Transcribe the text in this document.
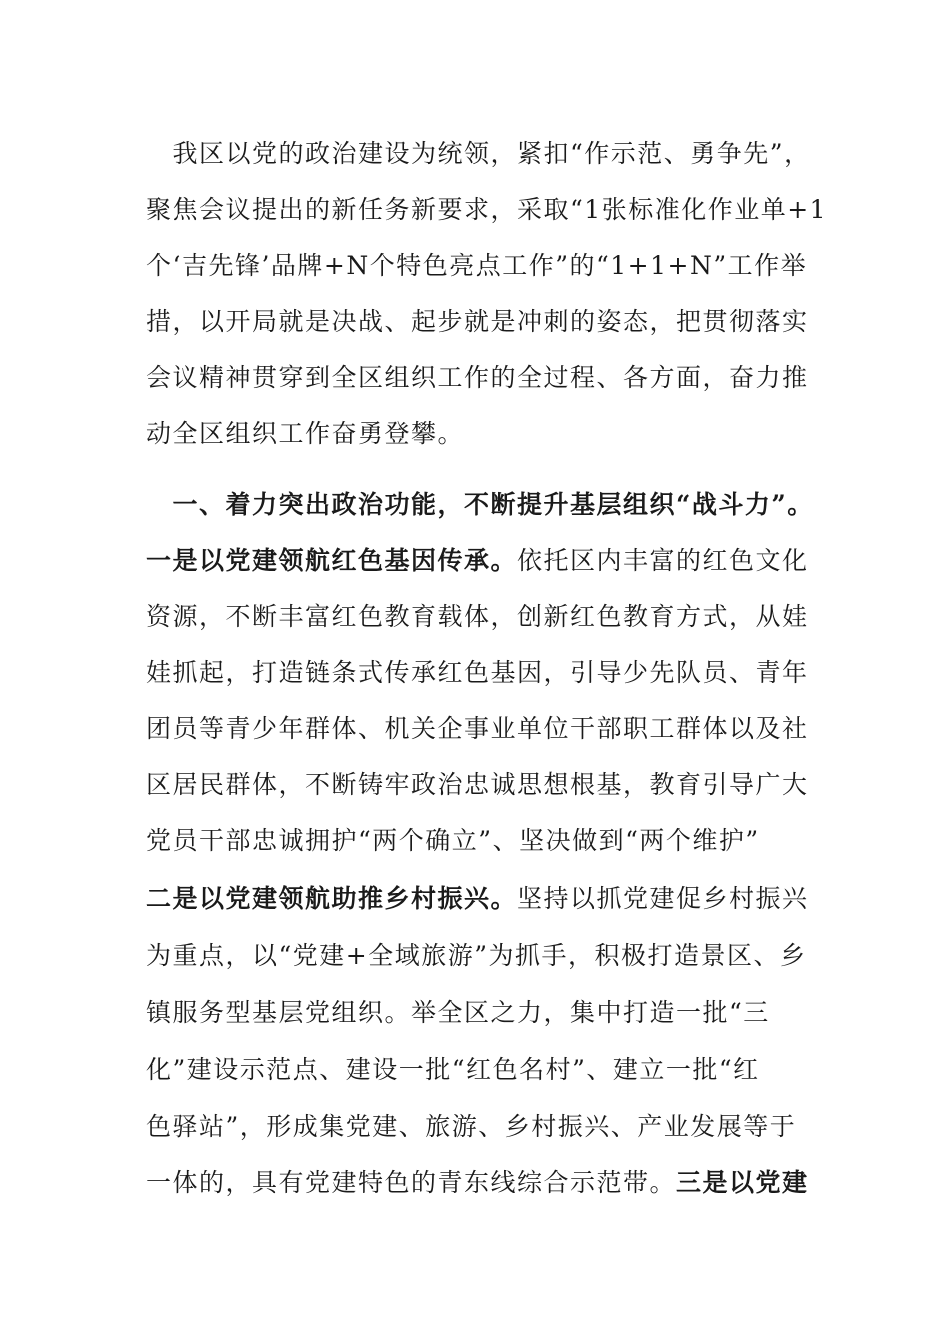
　我区以党的政治建设为统领，紧扣“作示范、勇争先”，
聚焦会议提出的新任务新要求，采取“1张标准化作业单+1
个‘吉先锋’品牌+N个特色亮点工作”的“1+1+N”工作举
措，以开局就是决战、起步就是冲刺的姿态，把贯彻落实
会议精神贯穿到全区组织工作的全过程、各方面，奋力推
动全区组织工作奋勇登攀。
　一、着力突出政治功能，不断提升基层组织“战斗力”。
一是以党建领航红色基因传承。依托区内丰富的红色文化
资源，不断丰富红色教育载体，创新红色教育方式，从娃
娃抓起，打造链条式传承红色基因，引导少先队员、青年
团员等青少年群体、机关企事业单位干部职工群体以及社
区居民群体，不断铸牢政治忠诚思想根基，教育引导广大
党员干部忠诚拥护“两个确立”、坚决做到“两个维护”
二是以党建领航助推乡村振兴。坚持以抓党建促乡村振兴
为重点，以“党建+全域旅游”为抓手，积极打造景区、乡
镇服务型基层党组织。举全区之力，集中打造一批“三
化”建设示范点、建设一批“红色名村”、建立一批“红
色驿站”，形成集党建、旅游、乡村振兴、产业发展等于
一体的，具有党建特色的青东线综合示范带。三是以党建
